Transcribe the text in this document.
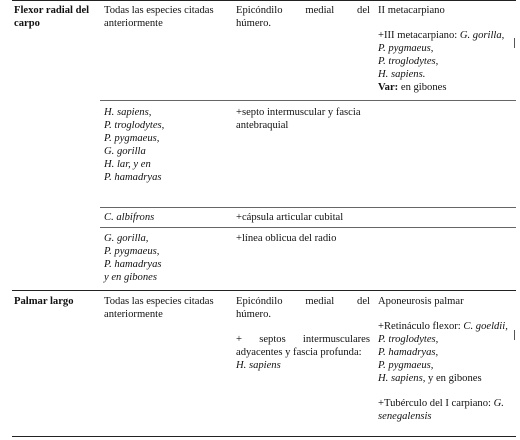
Flexor radial del
carpo
Todas las especies citadas
anteriormente
Epicóndilo medial del
húmero.
II metacarpiano
+III metacarpiano: G. gorilla,
P. pygmaeus,
P. troglodytes,
H. sapiens.
Var: en gibones
H. sapiens,
P. troglodytes,
P. pygmaeus,
G. gorilla
H. lar, y en
P. hamadryas
+septo intermuscular y fascia
antebraquial
C. albifrons	+cápsula articular cubital
G. gorilla,
P. pygmaeus,
P. hamadryas
y en gibones
+línea oblicua del radio
Palmar largo	Todas las especies citadas
anteriormente
Epicóndilo medial del
húmero.
+ septos intermusculares
adyacentes y fascia profunda:
H. sapiens
Aponeurosis palmar
+Retináculo flexor: C. goeldii,
P. troglodytes,
P. hamadryas,
P. pygmaeus,
H. sapiens, y en gibones
+Tubérculo del I carpiano: G.
senegalensis
